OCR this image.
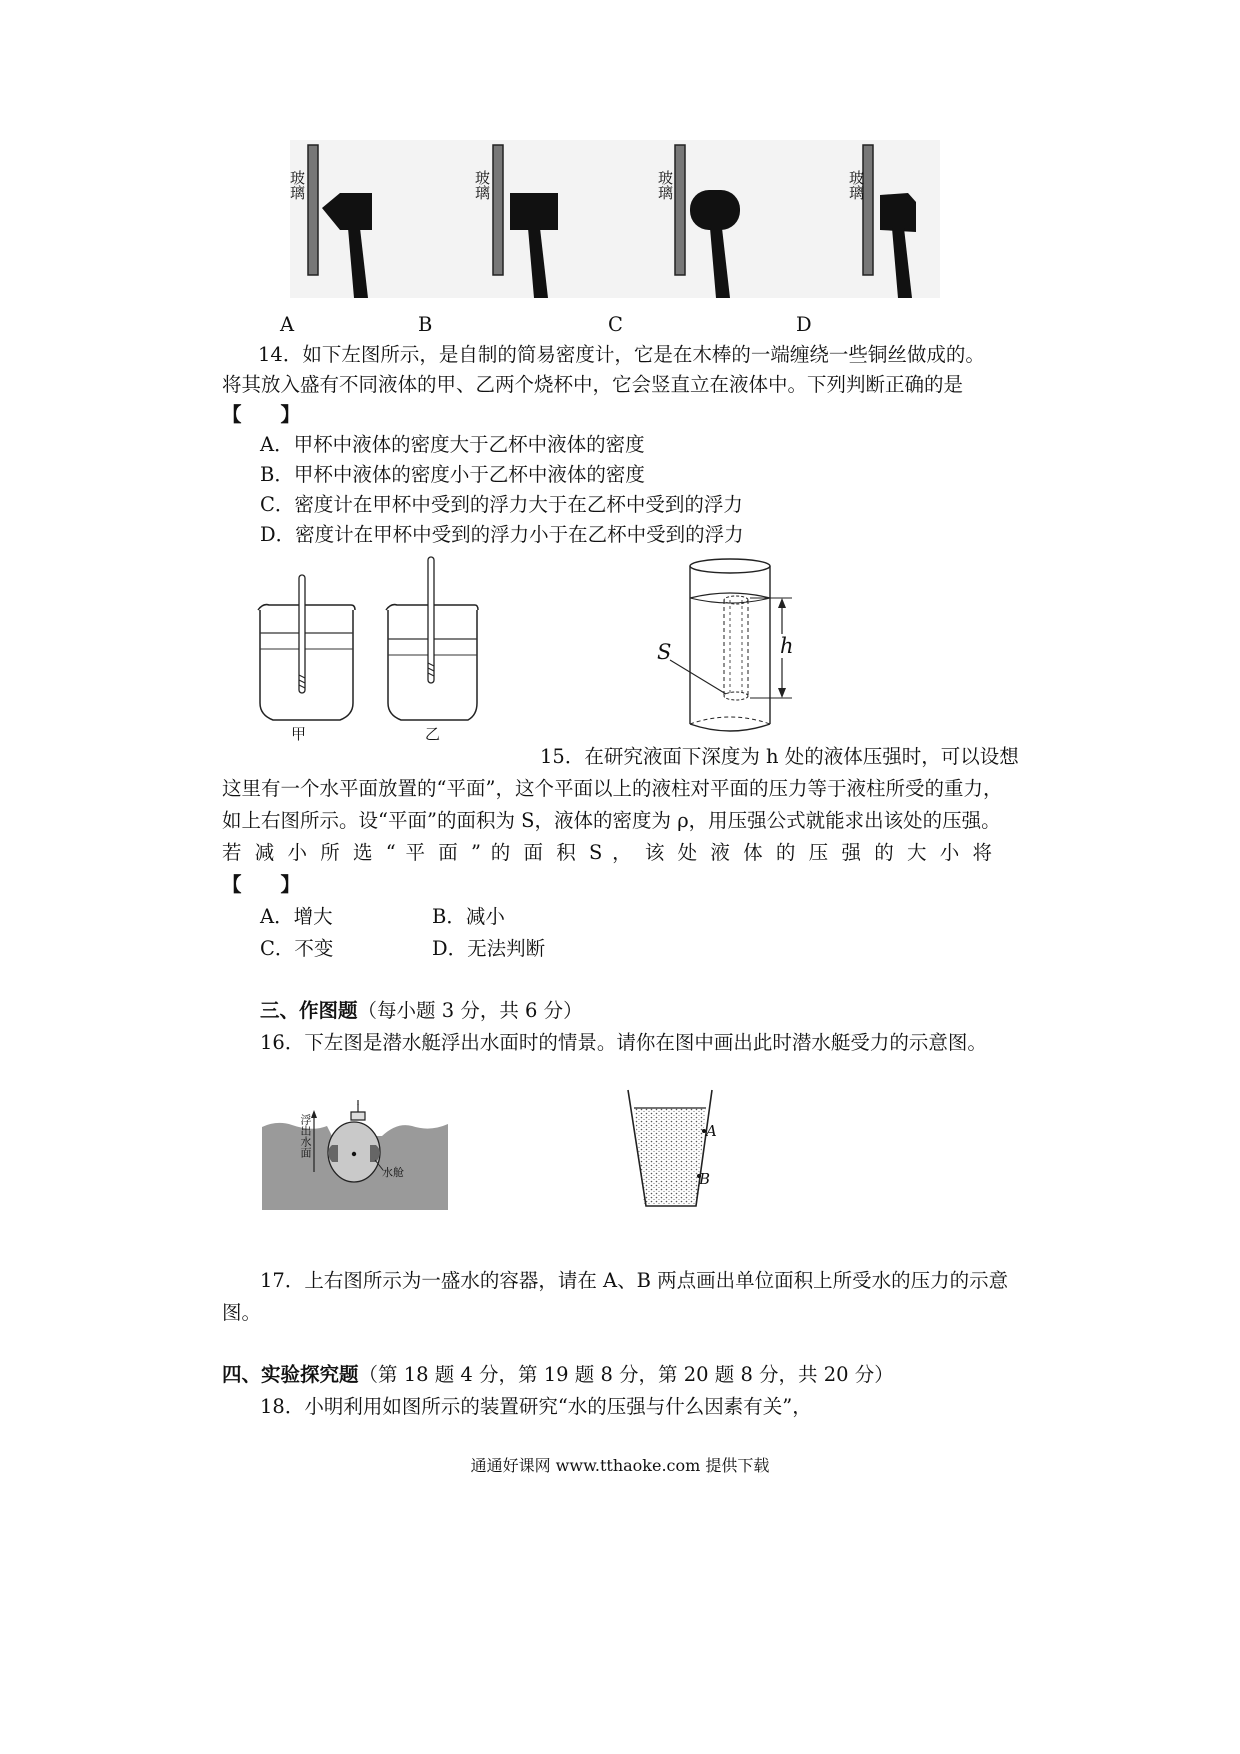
玻璃	玻璃	玻璃	玻璃
A	B	C	D
14．如下左图所示，是自制的简易密度计，它是在木棒的一端缠绕一些铜丝做成的。
将其放入盛有不同液体的甲、乙两个烧杯中，它会竖直立在液体中。下列判断正确的是
【　　】
A．甲杯中液体的密度大于乙杯中液体的密度
B．甲杯中液体的密度小于乙杯中液体的密度
C．密度计在甲杯中受到的浮力大于在乙杯中受到的浮力
D．密度计在甲杯中受到的浮力小于在乙杯中受到的浮力
甲	乙
S	h
15．在研究液面下深度为 h 处的液体压强时，可以设想
这里有一个水平面放置的“平面”，这个平面以上的液柱对平面的压力等于液柱所受的重力，
如上右图所示。设“平面”的面积为 S，液体的密度为 ρ，用压强公式就能求出该处的压强。
若 减 小 所 选 “ 平 面 ” 的 面 积 S ， 该 处 液 体 的 压 强 的 大 小 将
【　　】
A．增大	B．减小
C．不变	D．无法判断
三、作图题（每小题 3 分，共 6 分）
16．下左图是潜水艇浮出水面时的情景。请你在图中画出此时潜水艇受力的示意图。
浮出水面
水舱
A
B
17．上右图所示为一盛水的容器，请在 A、B 两点画出单位面积上所受水的压力的示意
图。
四、实验探究题（第 18 题 4 分，第 19 题 8 分，第 20 题 8 分，共 20 分）
18．小明利用如图所示的装置研究“水的压强与什么因素有关”，
通通好课网 www.tthaoke.com 提供下载
